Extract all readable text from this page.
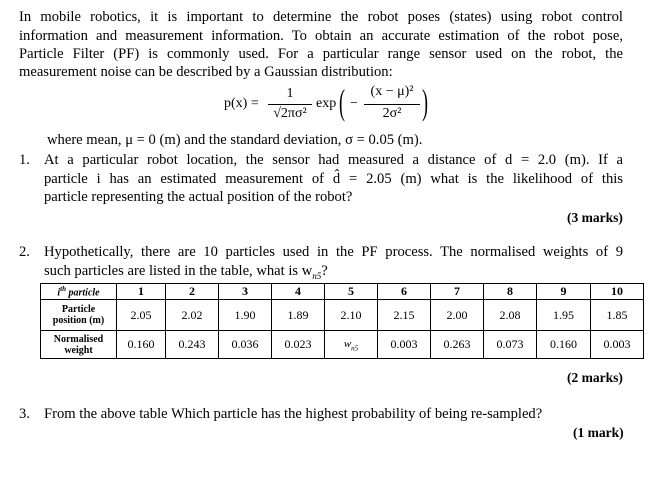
In mobile robotics, it is important to determine the robot poses (states) using robot control
information and measurement information. To obtain an accurate estimation of the robot pose,
Particle Filter (PF) is commonly used. For a particular range sensor used on the robot, the
measurement noise can be described by a Gaussian distribution:
p(x) =
1
√2πσ²
exp ( −
(x − μ)²
2σ² )
where mean, μ = 0 (m) and the standard deviation, σ = 0.05 (m).
1. At a particular robot location, the sensor had measured a distance of d = 2.0 (m). If a
particle i has an estimated measurement of d̂ = 2.05 (m) what is the likelihood of this
particle representing the actual position of the robot?
(3 marks)
2. Hypothetically, there are 10 particles used in the PF process. The normalised weights of 9
such particles are listed in the table, what is $w_{n5}$?
$i^{th}$ particle	1	2	3	4	5	6	7	8	9	10
Particle
position (m)	2.05	2.02	1.90	1.89	2.10	2.15	2.00	2.08	1.95	1.85
Normalised
weight	0.160	0.243	0.036	0.023	$w_{n5}$	0.003	0.263	0.073	0.160	0.003
(2 marks)
3. From the above table Which particle has the highest probability of being re-sampled?
(1 mark)
